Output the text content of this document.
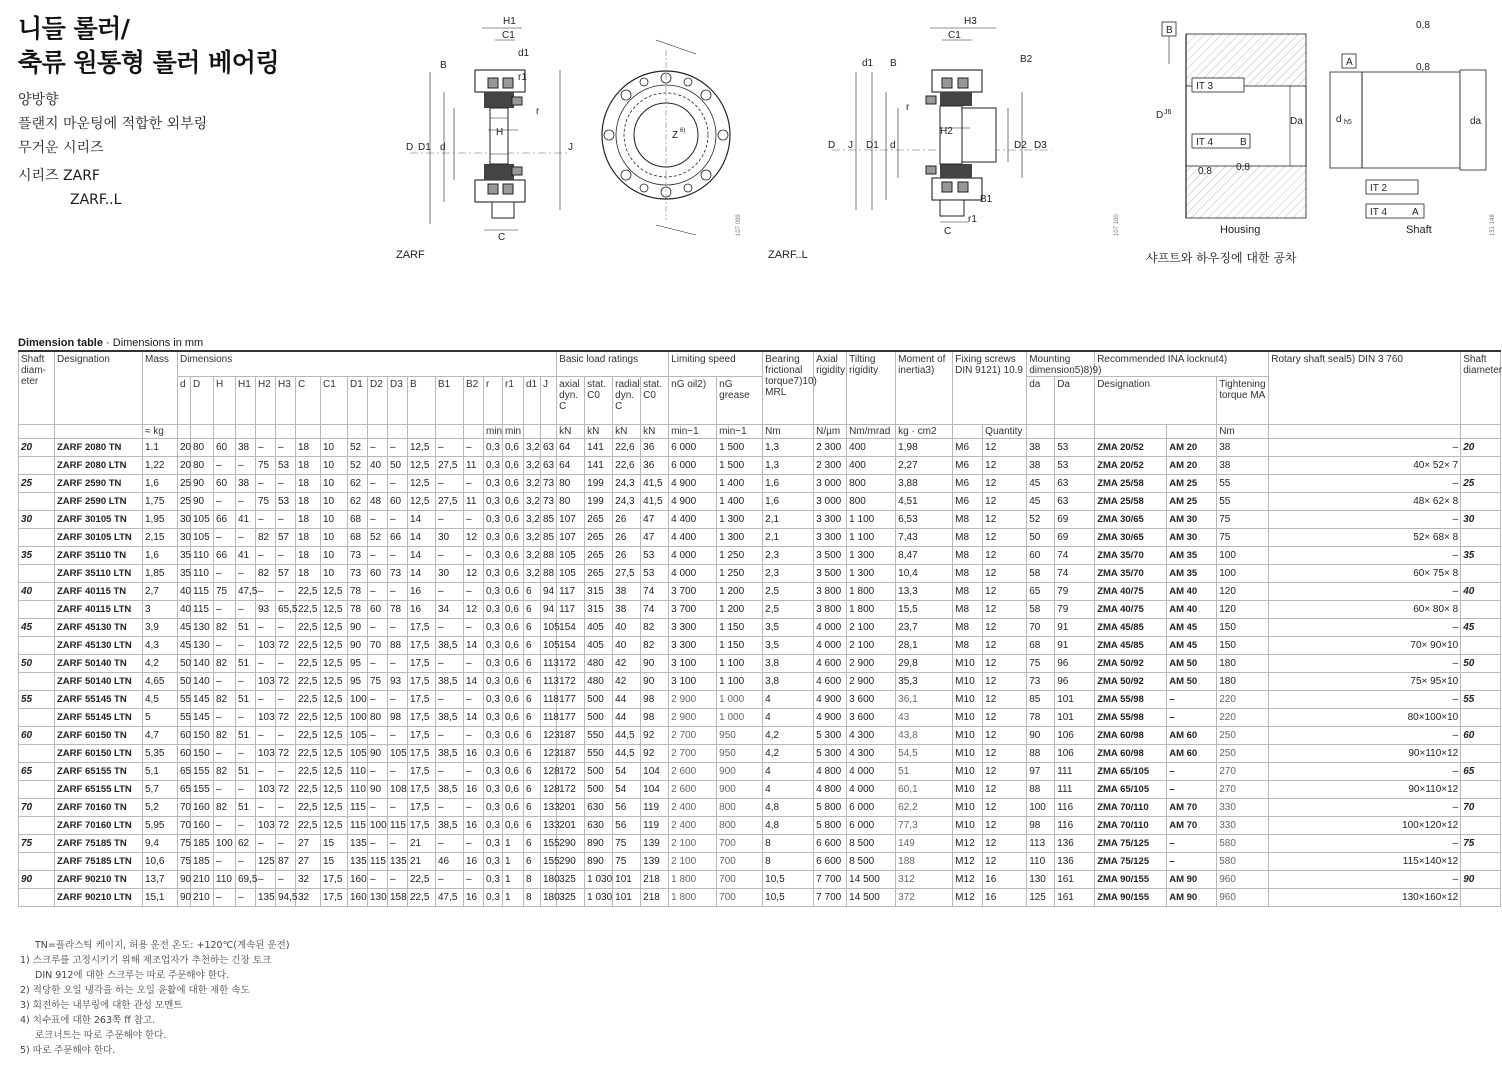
니들 롤러/
축류 원통형 롤러 베어링
양방향
플랜지 마운팅에 적합한 외부링
무거운 시리즈
시리즈 ZARF
ZARF..L
H1
C1
d1
B
r1
r
D D1 d
H
J
C
Z 6)
107 099
H3
C1
d1 B	B2
r
H2
D J D1 d	D2 D3
B1
C
r1	107 100
B
D J6
IT 3
IT 4	B
0,8 0,8
Da
A
0,8
0,8
d h5	da
IT 2
IT 4 A
Housing	Shaft	151 148
ZARF	ZARF..L	샤프트와 하우징에 대한 공차
Dimension table · Dimensions in mm
Shaft diam- eter	Designation	Mass	Dimensions																		Basic load ratings				Limiting speed		Bearing frictional torque7)10) MRL	Axial rigidity	Tilting rigidity	Moment of inertia3)	Fixing screws DIN 9121) 10.9		Mounting dimension5)8)9)		Recommended INA locknut4)			Rotary shaft seal5) DIN 3 760	Shaft diameter
			d	D	H	H1	H2	H3	C	C1	D1	D2	D3	B	B1	B2	r	r1	d1	J	axial dyn. C	stat. C0	radial dyn. C	stat. C0	nG oil2)	nG grease							da	Da	Designation		Tightening torque MA		
		≈ kg															min	min			kN	kN	kN	kN	min−1	min−1	Nm	N/µm	Nm/mrad	kg · cm2		Quantity					Nm		
20	ZARF 2080 TN	1.1	20	80	60	38	–	–	18	10	52	–	–	12,5	–	–	0,3	0,6	3,2	63	64	141	22,6	36	6 000	1 500	1,3	2 300	400	1,98	M6	12	38	53	ZMA 20/52	AM 20	38	–	20
	ZARF 2080 LTN	1,22	20	80	–	–	75	53	18	10	52	40	50	12,5	27,5	11	0,3	0,6	3,2	63	64	141	22,6	36	6 000	1 500	1,3	2 300	400	2,27	M6	12	38	53	ZMA 20/52	AM 20	38	40× 52× 7	
25	ZARF 2590 TN	1,6	25	90	60	38	–	–	18	10	62	–	–	12,5	–	–	0,3	0,6	3,2	73	80	199	24,3	41,5	4 900	1 400	1,6	3 000	800	3,88	M6	12	45	63	ZMA 25/58	AM 25	55	–	25
	ZARF 2590 LTN	1,75	25	90	–	–	75	53	18	10	62	48	60	12,5	27,5	11	0,3	0,6	3,2	73	80	199	24,3	41,5	4 900	1 400	1,6	3 000	800	4,51	M6	12	45	63	ZMA 25/58	AM 25	55	48× 62× 8	
30	ZARF 30105 TN	1,95	30	105	66	41	–	–	18	10	68	–	–	14	–	–	0,3	0,6	3,2	85	107	265	26	47	4 400	1 300	2,1	3 300	1 100	6,53	M8	12	52	69	ZMA 30/65	AM 30	75	–	30
	ZARF 30105 LTN	2,15	30	105	–	–	82	57	18	10	68	52	66	14	30	12	0,3	0,6	3,2	85	107	265	26	47	4 400	1 300	2,1	3 300	1 100	7,43	M8	12	50	69	ZMA 30/65	AM 30	75	52× 68× 8	
35	ZARF 35110 TN	1,6	35	110	66	41	–	–	18	10	73	–	–	14	–	–	0,3	0,6	3,2	88	105	265	26	53	4 000	1 250	2,3	3 500	1 300	8,47	M8	12	60	74	ZMA 35/70	AM 35	100	–	35
	ZARF 35110 LTN	1,85	35	110	–	–	82	57	18	10	73	60	73	14	30	12	0,3	0,6	3,2	88	105	265	27,5	53	4 000	1 250	2,3	3 500	1 300	10,4	M8	12	58	74	ZMA 35/70	AM 35	100	60× 75× 8	
40	ZARF 40115 TN	2,7	40	115	75	47,5	–	–	22,5	12,5	78	–	–	16	–	–	0,3	0,6	6	94	117	315	38	74	3 700	1 200	2,5	3 800	1 800	13,3	M8	12	65	79	ZMA 40/75	AM 40	120	–	40
	ZARF 40115 LTN	3	40	115	–	–	93	65,5	22,5	12,5	78	60	78	16	34	12	0,3	0,6	6	94	117	315	38	74	3 700	1 200	2,5	3 800	1 800	15,5	M8	12	58	79	ZMA 40/75	AM 40	120	60× 80× 8	
45	ZARF 45130 TN	3,9	45	130	82	51	–	–	22,5	12,5	90	–	–	17,5	–	–	0,3	0,6	6	105	154	405	40	82	3 300	1 150	3,5	4 000	2 100	23,7	M8	12	70	91	ZMA 45/85	AM 45	150	–	45
	ZARF 45130 LTN	4,3	45	130	–	–	103	72	22,5	12,5	90	70	88	17,5	38,5	14	0,3	0,6	6	105	154	405	40	82	3 300	1 150	3,5	4 000	2 100	28,1	M8	12	68	91	ZMA 45/85	AM 45	150	70× 90×10	
50	ZARF 50140 TN	4,2	50	140	82	51	–	–	22,5	12,5	95	–	–	17,5	–	–	0,3	0,6	6	113	172	480	42	90	3 100	1 100	3,8	4 600	2 900	29,8	M10	12	75	96	ZMA 50/92	AM 50	180	–	50
	ZARF 50140 LTN	4,65	50	140	–	–	103	72	22,5	12,5	95	75	93	17,5	38,5	14	0,3	0,6	6	113	172	480	42	90	3 100	1 100	3,8	4 600	2 900	35,3	M10	12	73	96	ZMA 50/92	AM 50	180	75× 95×10	
55	ZARF 55145 TN	4,5	55	145	82	51	–	–	22,5	12,5	100	–	–	17,5	–	–	0,3	0,6	6	118	177	500	44	98	2 900	1 000	4	4 900	3 600	36,1	M10	12	85	101	ZMA 55/98	–	220	–	55
	ZARF 55145 LTN	5	55	145	–	–	103	72	22,5	12,5	100	80	98	17,5	38,5	14	0,3	0,6	6	118	177	500	44	98	2 900	1 000	4	4 900	3 600	43	M10	12	78	101	ZMA 55/98	–	220	80×100×10	
60	ZARF 60150 TN	4,7	60	150	82	51	–	–	22,5	12,5	105	–	–	17,5	–	–	0,3	0,6	6	123	187	550	44,5	92	2 700	950	4,2	5 300	4 300	43,8	M10	12	90	106	ZMA 60/98	AM 60	250	–	60
	ZARF 60150 LTN	5,35	60	150	–	–	103	72	22,5	12,5	105	90	105	17,5	38,5	16	0,3	0,6	6	123	187	550	44,5	92	2 700	950	4,2	5 300	4 300	54,5	M10	12	88	106	ZMA 60/98	AM 60	250	90×110×12	
65	ZARF 65155 TN	5,1	65	155	82	51	–	–	22,5	12,5	110	–	–	17,5	–	–	0,3	0,6	6	128	172	500	54	104	2 600	900	4	4 800	4 000	51	M10	12	97	111	ZMA 65/105	–	270	–	65
	ZARF 65155 LTN	5,7	65	155	–	–	103	72	22,5	12,5	110	90	108	17,5	38,5	16	0,3	0,6	6	128	172	500	54	104	2 600	900	4	4 800	4 000	60,1	M10	12	88	111	ZMA 65/105	–	270	90×110×12	
70	ZARF 70160 TN	5,2	70	160	82	51	–	–	22,5	12,5	115	–	–	17,5	–	–	0,3	0,6	6	133	201	630	56	119	2 400	800	4,8	5 800	6 000	62,2	M10	12	100	116	ZMA 70/110	AM 70	330	–	70
	ZARF 70160 LTN	5,95	70	160	–	–	103	72	22,5	12,5	115	100	115	17,5	38,5	16	0,3	0,6	6	133	201	630	56	119	2 400	800	4,8	5 800	6 000	77,3	M10	12	98	116	ZMA 70/110	AM 70	330	100×120×12	
75	ZARF 75185 TN	9,4	75	185	100	62	–	–	27	15	135	–	–	21	–	–	0,3	1	6	155	290	890	75	139	2 100	700	8	6 600	8 500	149	M12	12	113	136	ZMA 75/125	–	580	–	75
	ZARF 75185 LTN	10,6	75	185	–	–	125	87	27	15	135	115	135	21	46	16	0,3	1	6	155	290	890	75	139	2 100	700	8	6 600	8 500	188	M12	12	110	136	ZMA 75/125	–	580	115×140×12	
90	ZARF 90210 TN	13,7	90	210	110	69,5	–	–	32	17,5	160	–	–	22,5	–	–	0,3	1	8	180	325	1 030	101	218	1 800	700	10,5	7 700	14 500	312	M12	16	130	161	ZMA 90/155	AM 90	960	–	90
	ZARF 90210 LTN	15,1	90	210	–	–	135	94,5	32	17,5	160	130	158	22,5	47,5	16	0,3	1	8	180	325	1 030	101	218	1 800	700	10,5	7 700	14 500	372	M12	16	125	161	ZMA 90/155	AM 90	960	130×160×12	
TN=플라스틱 케이지, 허용 운전 온도: +120℃(계속된 운전)
1) 스크루를 고정시키기 위해 제조업자가 추천하는 긴장 토크
DIN 912에 대한 스크루는 따로 주문해야 한다.
2) 적당한 오일 냉각을 하는 오일 윤활에 대한 제한 속도
3) 회전하는 내부링에 대한 관성 모멘트
4) 치수표에 대한 263쪽 ff 참고.
로크너트는 따로 주문해야 한다.
5) 따로 주문해야 한다.
